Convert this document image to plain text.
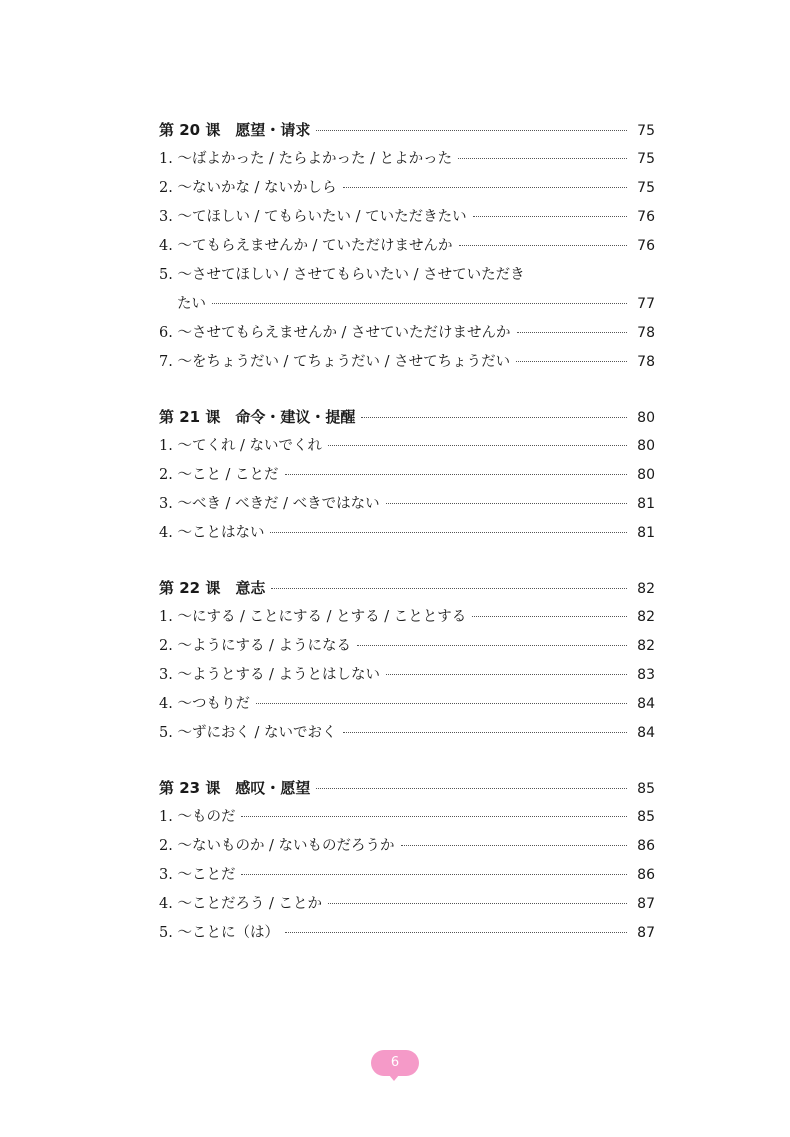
第 20 课　愿望・请求	75
1. ～ばよかった / たらよかった / とよかった	75
2. ～ないかな / ないかしら	75
3. ～てほしい / てもらいたい / ていただきたい	76
4. ～てもらえませんか / ていただけませんか	76
5. ～させてほしい / させてもらいたい / させていただき
たい	77
6. ～させてもらえませんか / させていただけませんか	78
7. ～をちょうだい / てちょうだい / させてちょうだい	78
第 21 课　命令・建议・提醒	80
1. ～てくれ / ないでくれ	80
2. ～こと / ことだ	80
3. ～べき / べきだ / べきではない	81
4. ～ことはない	81
第 22 课　意志	82
1. ～にする / ことにする / とする / こととする	82
2. ～ようにする / ようになる	82
3. ～ようとする / ようとはしない	83
4. ～つもりだ	84
5. ～ずにおく / ないでおく	84
第 23 课　感叹・愿望	85
1. ～ものだ	85
2. ～ないものか / ないものだろうか	86
3. ～ことだ	86
4. ～ことだろう / ことか	87
5. ～ことに（は）	87
6
